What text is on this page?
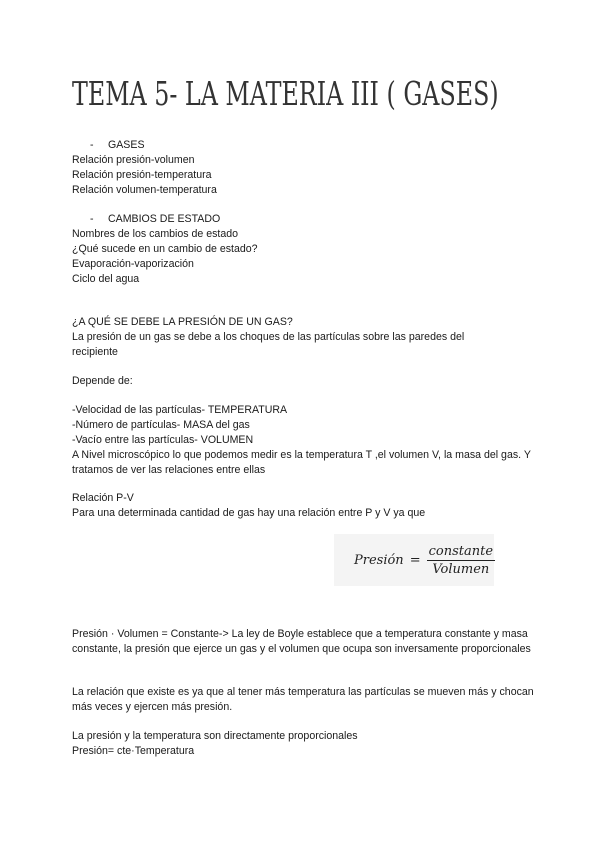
TEMA 5- LA MATERIA III ( GASES)
- GASES
Relación presión-volumen
Relación presión-temperatura
Relación volumen-temperatura
- CAMBIOS DE ESTADO
Nombres de los cambios de estado
¿Qué sucede en un cambio de estado?
Evaporación-vaporización
Ciclo del agua
¿A QUÉ SE DEBE LA PRESIÓN DE UN GAS?
La presión de un gas se debe a los choques de las partículas sobre las paredes del recipiente
Depende de:
-Velocidad de las partículas- TEMPERATURA
-Número de partículas- MASA del gas
-Vacío entre las partículas- VOLUMEN
A Nivel microscópico lo que podemos medir es la temperatura T ,el volumen V, la masa del gas. Y tratamos de ver las relaciones entre ellas
Relación P-V
Para una determinada cantidad de gas hay una relación entre P y V ya que
Presión = $\frac{\text{constante}}{\text{Volumen}}$
Presión · Volumen = Constante-> La ley de Boyle establece que a temperatura constante y masa constante, la presión que ejerce un gas y el volumen que ocupa son inversamente proporcionales
La relación que existe es ya que al tener más temperatura las partículas se mueven más y chocan más veces y ejercen más presión.
La presión y la temperatura son directamente proporcionales
Presión= cte·Temperatura
